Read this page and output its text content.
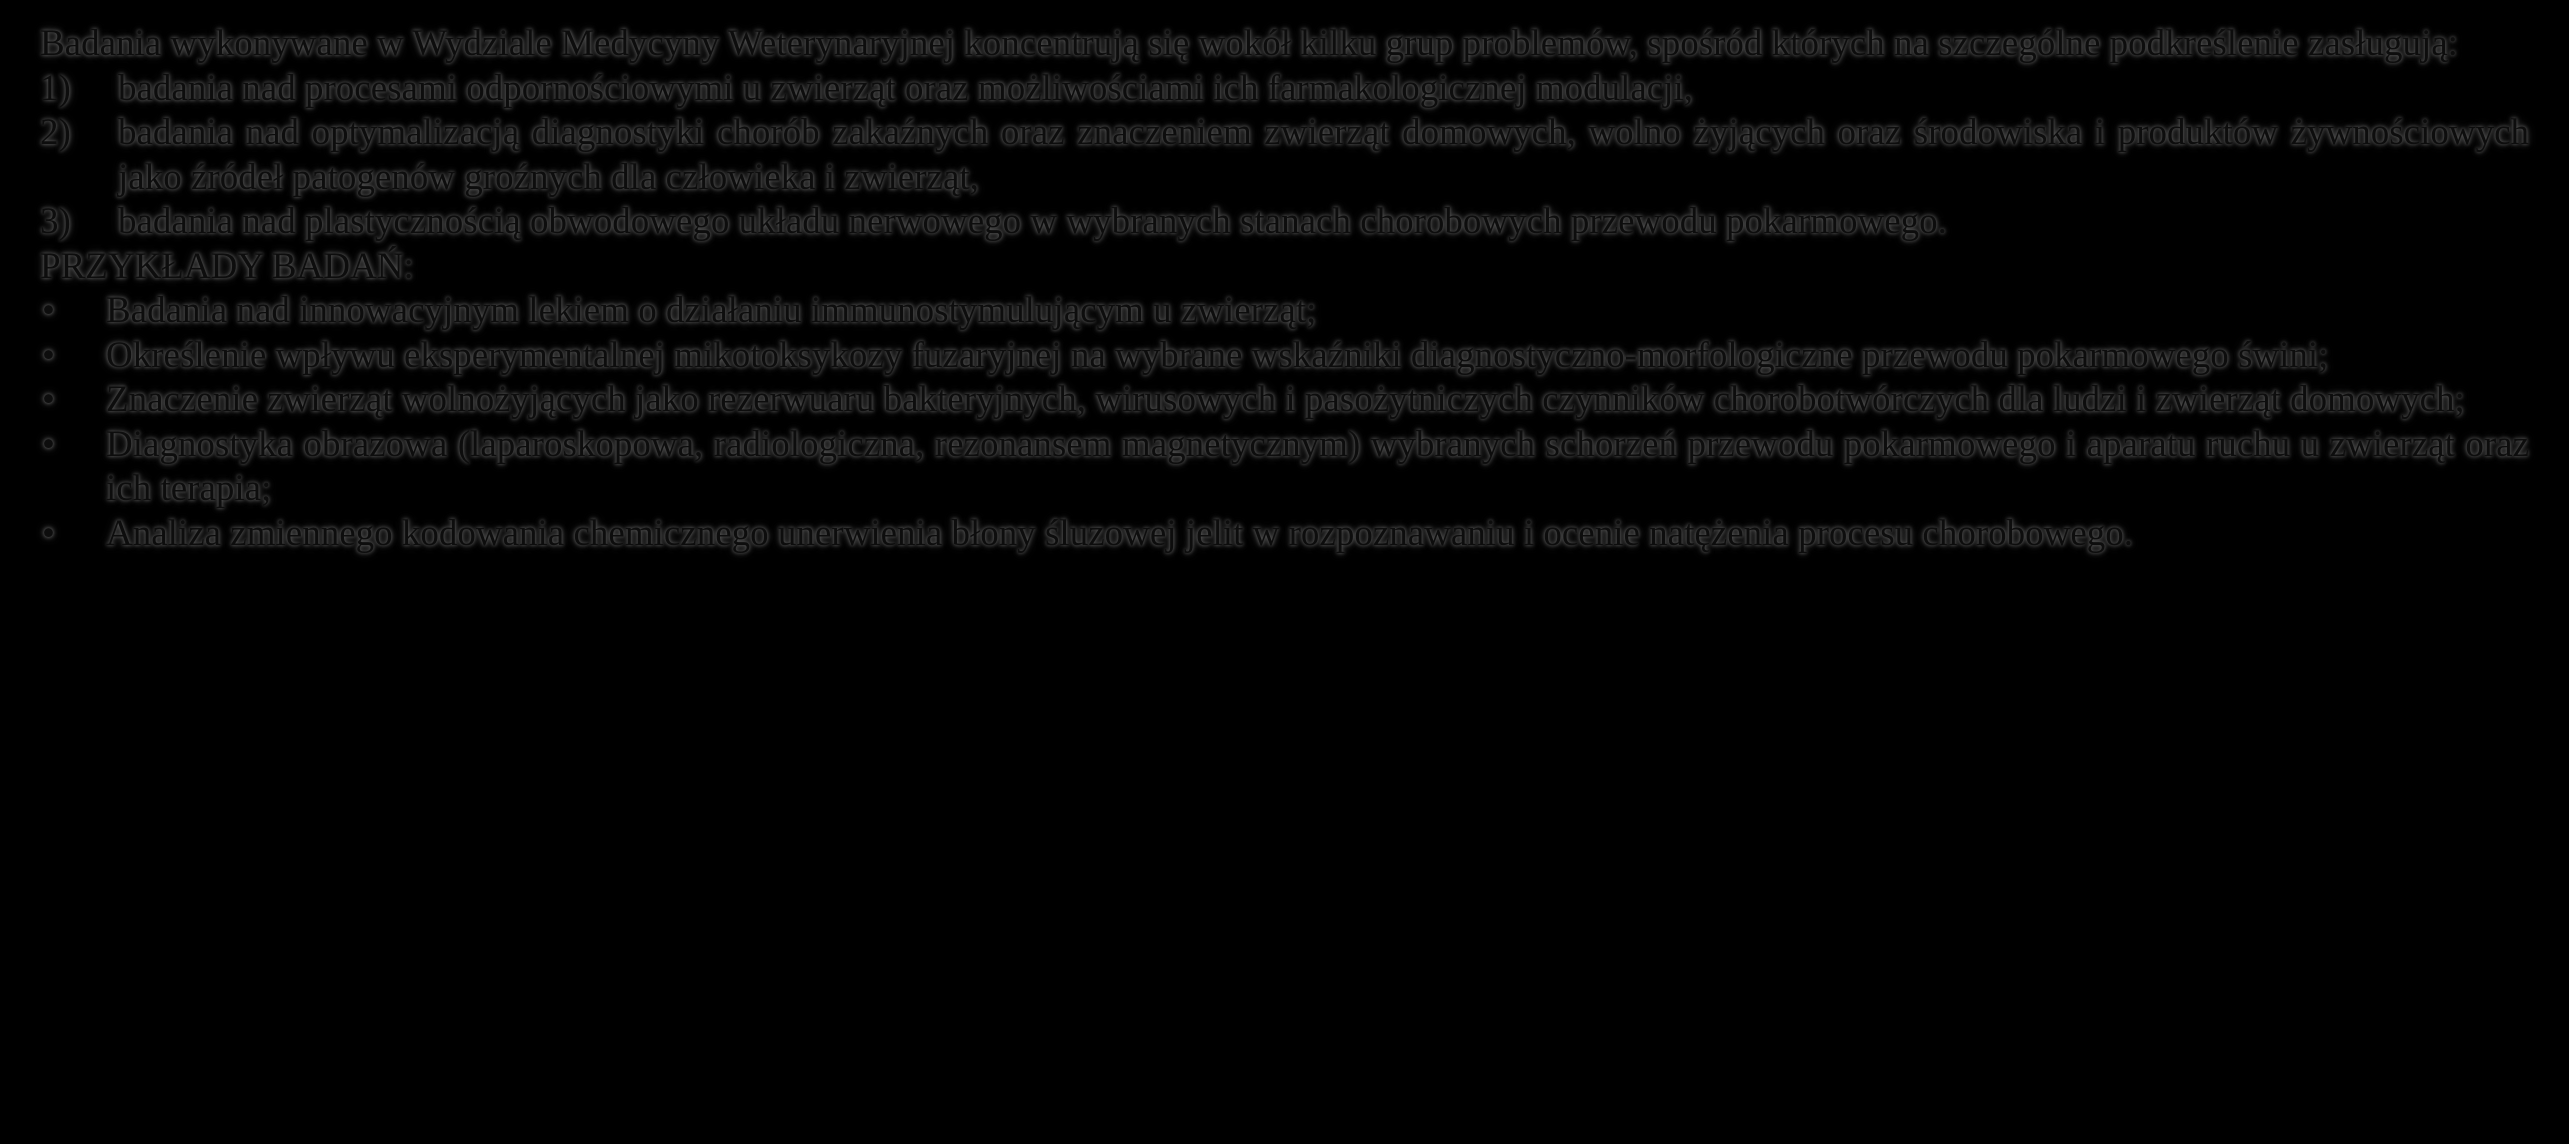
Badania wykonywane w Wydziale Medycyny Weterynaryjnej koncentrują się wokół kilku grup problemów, spośród których na szczególne podkreślenie zasługują:

1)	badania nad procesami odpornościowymi u zwierząt oraz możliwościami ich farmakologicznej modulacji,
2)	badania nad optymalizacją diagnostyki chorób zakaźnych oraz znaczeniem zwierząt domowych, wolno żyjących oraz środowiska i produktów żywnościowych jako źródeł patogenów groźnych dla człowieka i zwierząt,
3)	badania nad plastycznością obwodowego układu nerwowego w wybranych stanach chorobowych przewodu pokarmowego.

PRZYKŁADY BADAŃ:

•	Badania nad innowacyjnym lekiem o działaniu immunostymulującym u zwierząt;
•	Określenie wpływu eksperymentalnej mikotoksykozy fuzaryjnej na wybrane wskaźniki diagnostyczno-morfologiczne przewodu pokarmowego świni;
•	Znaczenie zwierząt wolnożyjących jako rezerwuaru bakteryjnych, wirusowych i pasożytniczych czynników chorobotwórczych dla ludzi i zwierząt domowych;
•	Diagnostyka obrazowa (laparoskopowa, radiologiczna, rezonansem magnetycznym) wybranych schorzeń przewodu pokarmowego i aparatu ruchu u zwierząt oraz ich terapia;
•	Analiza zmiennego kodowania chemicznego unerwienia błony śluzowej jelit w rozpoznawaniu i ocenie natężenia procesu chorobowego.
